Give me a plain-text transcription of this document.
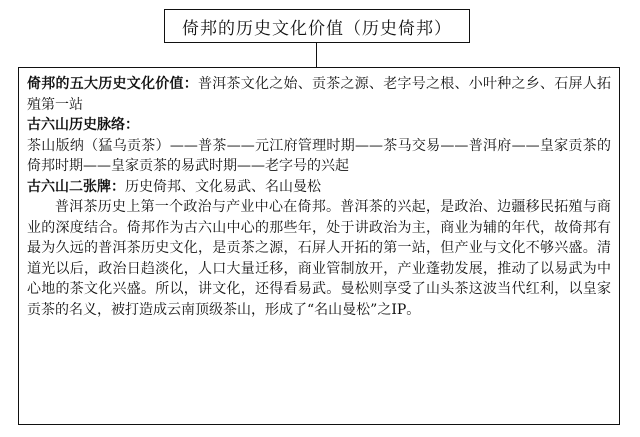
倚邦的历史文化价值（历史倚邦）

倚邦的五大历史文化价值：普洱茶文化之始、贡茶之源、老字号之根、小叶种之乡、石屏人拓殖第一站

古六山历史脉络：

茶山版纳（猛乌贡茶）——普茶——元江府管理时期——茶马交易——普洱府——皇家贡茶的倚邦时期——皇家贡茶的易武时期——老字号的兴起

古六山二张牌：历史倚邦、文化易武、名山曼松

普洱茶历史上第一个政治与产业中心在倚邦。普洱茶的兴起，是政治、边疆移民拓殖与商业的深度结合。倚邦作为古六山中心的那些年，处于讲政治为主，商业为辅的年代，故倚邦有最为久远的普洱茶历史文化，是贡茶之源，石屏人开拓的第一站，但产业与文化不够兴盛。清道光以后，政治日趋淡化，人口大量迁移，商业管制放开，产业蓬勃发展，推动了以易武为中心地的茶文化兴盛。所以，讲文化，还得看易武。曼松则享受了山头茶这波当代红利，以皇家贡茶的名义，被打造成云南顶级茶山，形成了“名山曼松”之IP。
